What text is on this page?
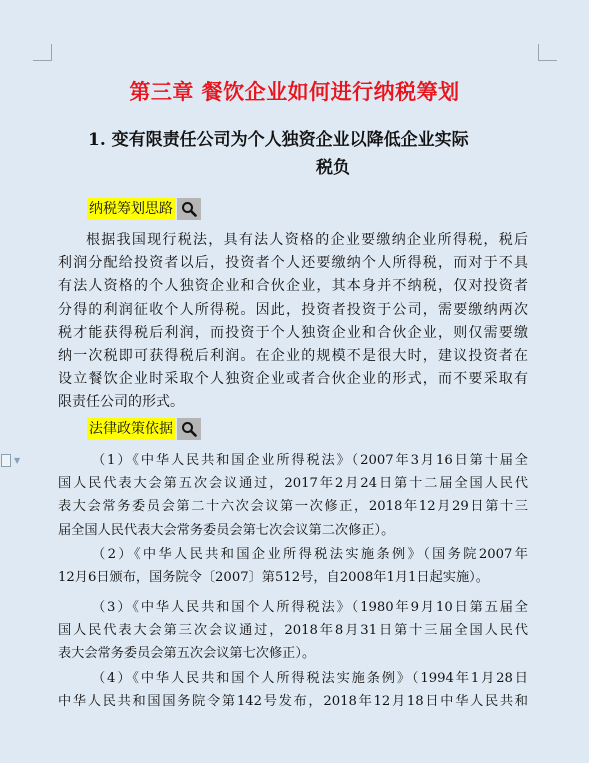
▼
第三章 餐饮企业如何进行纳税筹划
1. 变有限责任公司为个人独资企业以降低企业实际
税负
纳税筹划思路
根据我国现行税法，具有法人资格的企业要缴纳企业所得税，税后
利润分配给投资者以后，投资者个人还要缴纳个人所得税，而对于不具
有法人资格的个人独资企业和合伙企业，其本身并不纳税，仅对投资者
分得的利润征收个人所得税。因此，投资者投资于公司，需要缴纳两次
税才能获得税后利润，而投资于个人独资企业和合伙企业，则仅需要缴
纳一次税即可获得税后利润。在企业的规模不是很大时，建议投资者在
设立餐饮企业时采取个人独资企业或者合伙企业的形式，而不要采取有
限责任公司的形式。
法律政策依据
（1）《中华人民共和国企业所得税法》（2007年3月16日第十届全
国人民代表大会第五次会议通过，2017年2月24日第十二届全国人民代
表大会常务委员会第二十六次会议第一次修正，2018年12月29日第十三
届全国人民代表大会常务委员会第七次会议第二次修正）。
（2）《中华人民共和国企业所得税法实施条例》（国务院2007年
12月6日颁布，国务院令〔2007〕第512号，自2008年1月1日起实施）。
（3）《中华人民共和国个人所得税法》（1980年9月10日第五届全
国人民代表大会第三次会议通过，2018年8月31日第十三届全国人民代
表大会常务委员会第五次会议第七次修正）。
（4）《中华人民共和国个人所得税法实施条例》（1994年1月28日
中华人民共和国国务院令第142号发布，2018年12月18日中华人民共和
